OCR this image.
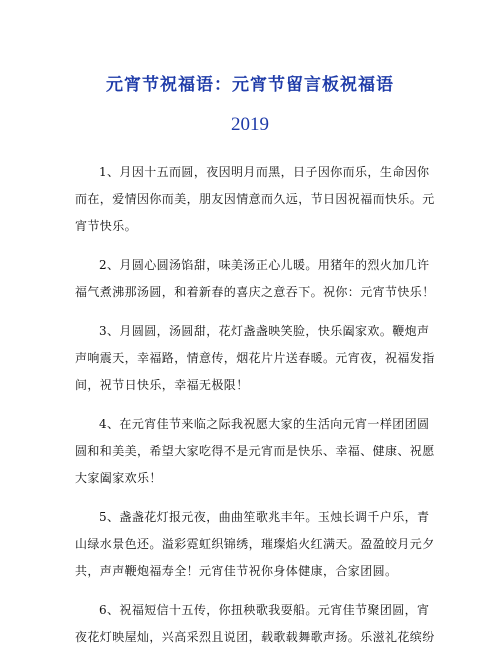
元宵节祝福语：元宵节留言板祝福语
2019

1、月因十五而圆，夜因明月而黑，日子因你而乐，生命因你
而在，爱情因你而美，朋友因情意而久远，节日因祝福而快乐。元
宵节快乐。

2、月圆心圆汤馅甜，味美汤正心儿暖。用猪年的烈火加几许
福气煮沸那汤圆，和着新春的喜庆之意吞下。祝你：元宵节快乐！

3、月圆圆，汤圆甜，花灯盏盏映笑脸，快乐阖家欢。鞭炮声
声响震天，幸福路，情意传，烟花片片送春暖。元宵夜，祝福发指
间，祝节日快乐，幸福无极限！

4、在元宵佳节来临之际我祝愿大家的生活向元宵一样团团圆
圆和和美美，希望大家吃得不是元宵而是快乐、幸福、健康、祝愿
大家阖家欢乐！

5、盏盏花灯报元夜，曲曲笙歌兆丰年。玉烛长调千户乐，青
山绿水景色还。溢彩霓虹织锦绣，璀璨焰火红满天。盈盈皎月元夕
共，声声鞭炮福寿全！元宵佳节祝你身体健康，合家团圆。

6、祝福短信十五传，你扭秧歌我耍船。元宵佳节聚团圆，宵
夜花灯映屋灿，兴高采烈且说团，载歌载舞歌声扬。乐滋礼花缤纷
